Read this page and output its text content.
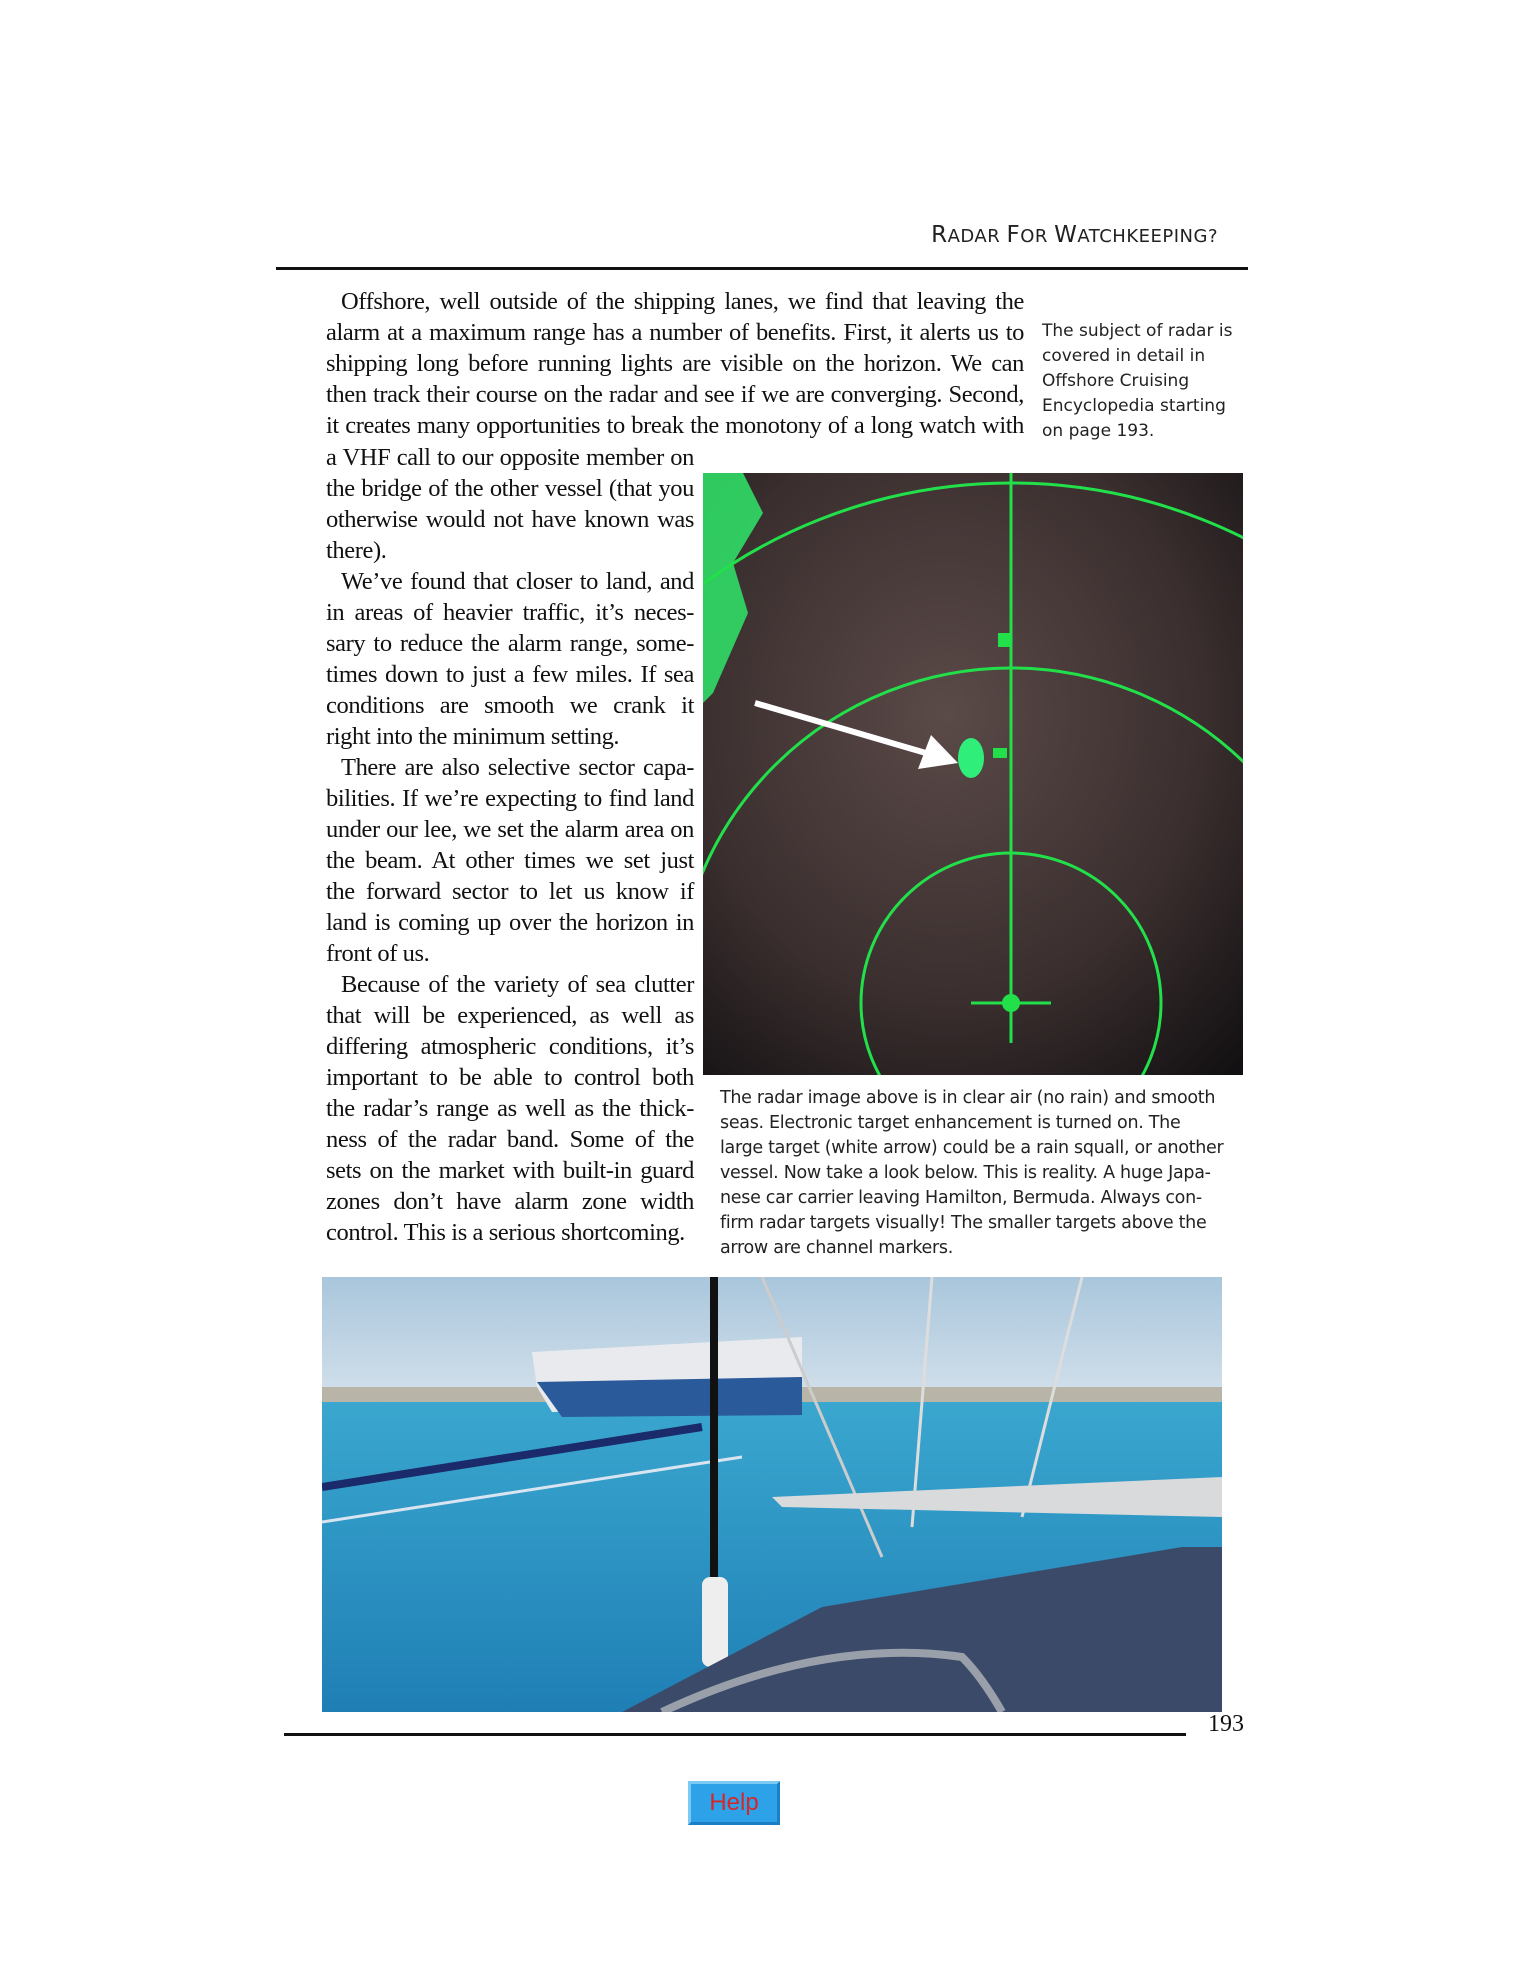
RADAR FOR WATCHKEEPING?
Offshore, well outside of the shipping lanes, we find that leaving the
alarm at a maximum range has a number of benefits. First, it alerts us to
shipping long before running lights are visible on the horizon. We can
then track their course on the radar and see if we are converging. Second,
it creates many opportunities to break the monotony of a long watch with
a VHF call to our opposite member on
the bridge of the other vessel (that you
otherwise would not have known was
there).
We’ve found that closer to land, and
in areas of heavier traffic, it’s neces-
sary to reduce the alarm range, some-
times down to just a few miles. If sea
conditions are smooth we crank it
right into the minimum setting.
There are also selective sector capa-
bilities. If we’re expecting to find land
under our lee, we set the alarm area on
the beam. At other times we set just
the forward sector to let us know if
land is coming up over the horizon in
front of us.
Because of the variety of sea clutter
that will be experienced, as well as
differing atmospheric conditions, it’s
important to be able to control both
the radar’s range as well as the thick-
ness of the radar band. Some of the
sets on the market with built-in guard
zones don’t have alarm zone width
control. This is a serious shortcoming.
The subject of radar is
covered in detail in
Offshore Cruising
Encyclopedia starting
on page 193.
The radar image above is in clear air (no rain) and smooth
seas. Electronic target enhancement is turned on. The
large target (white arrow) could be a rain squall, or another
vessel. Now take a look below. This is reality. A huge Japa-
nese car carrier leaving Hamilton, Bermuda. Always con-
firm radar targets visually! The smaller targets above the
arrow are channel markers.
193
Help
